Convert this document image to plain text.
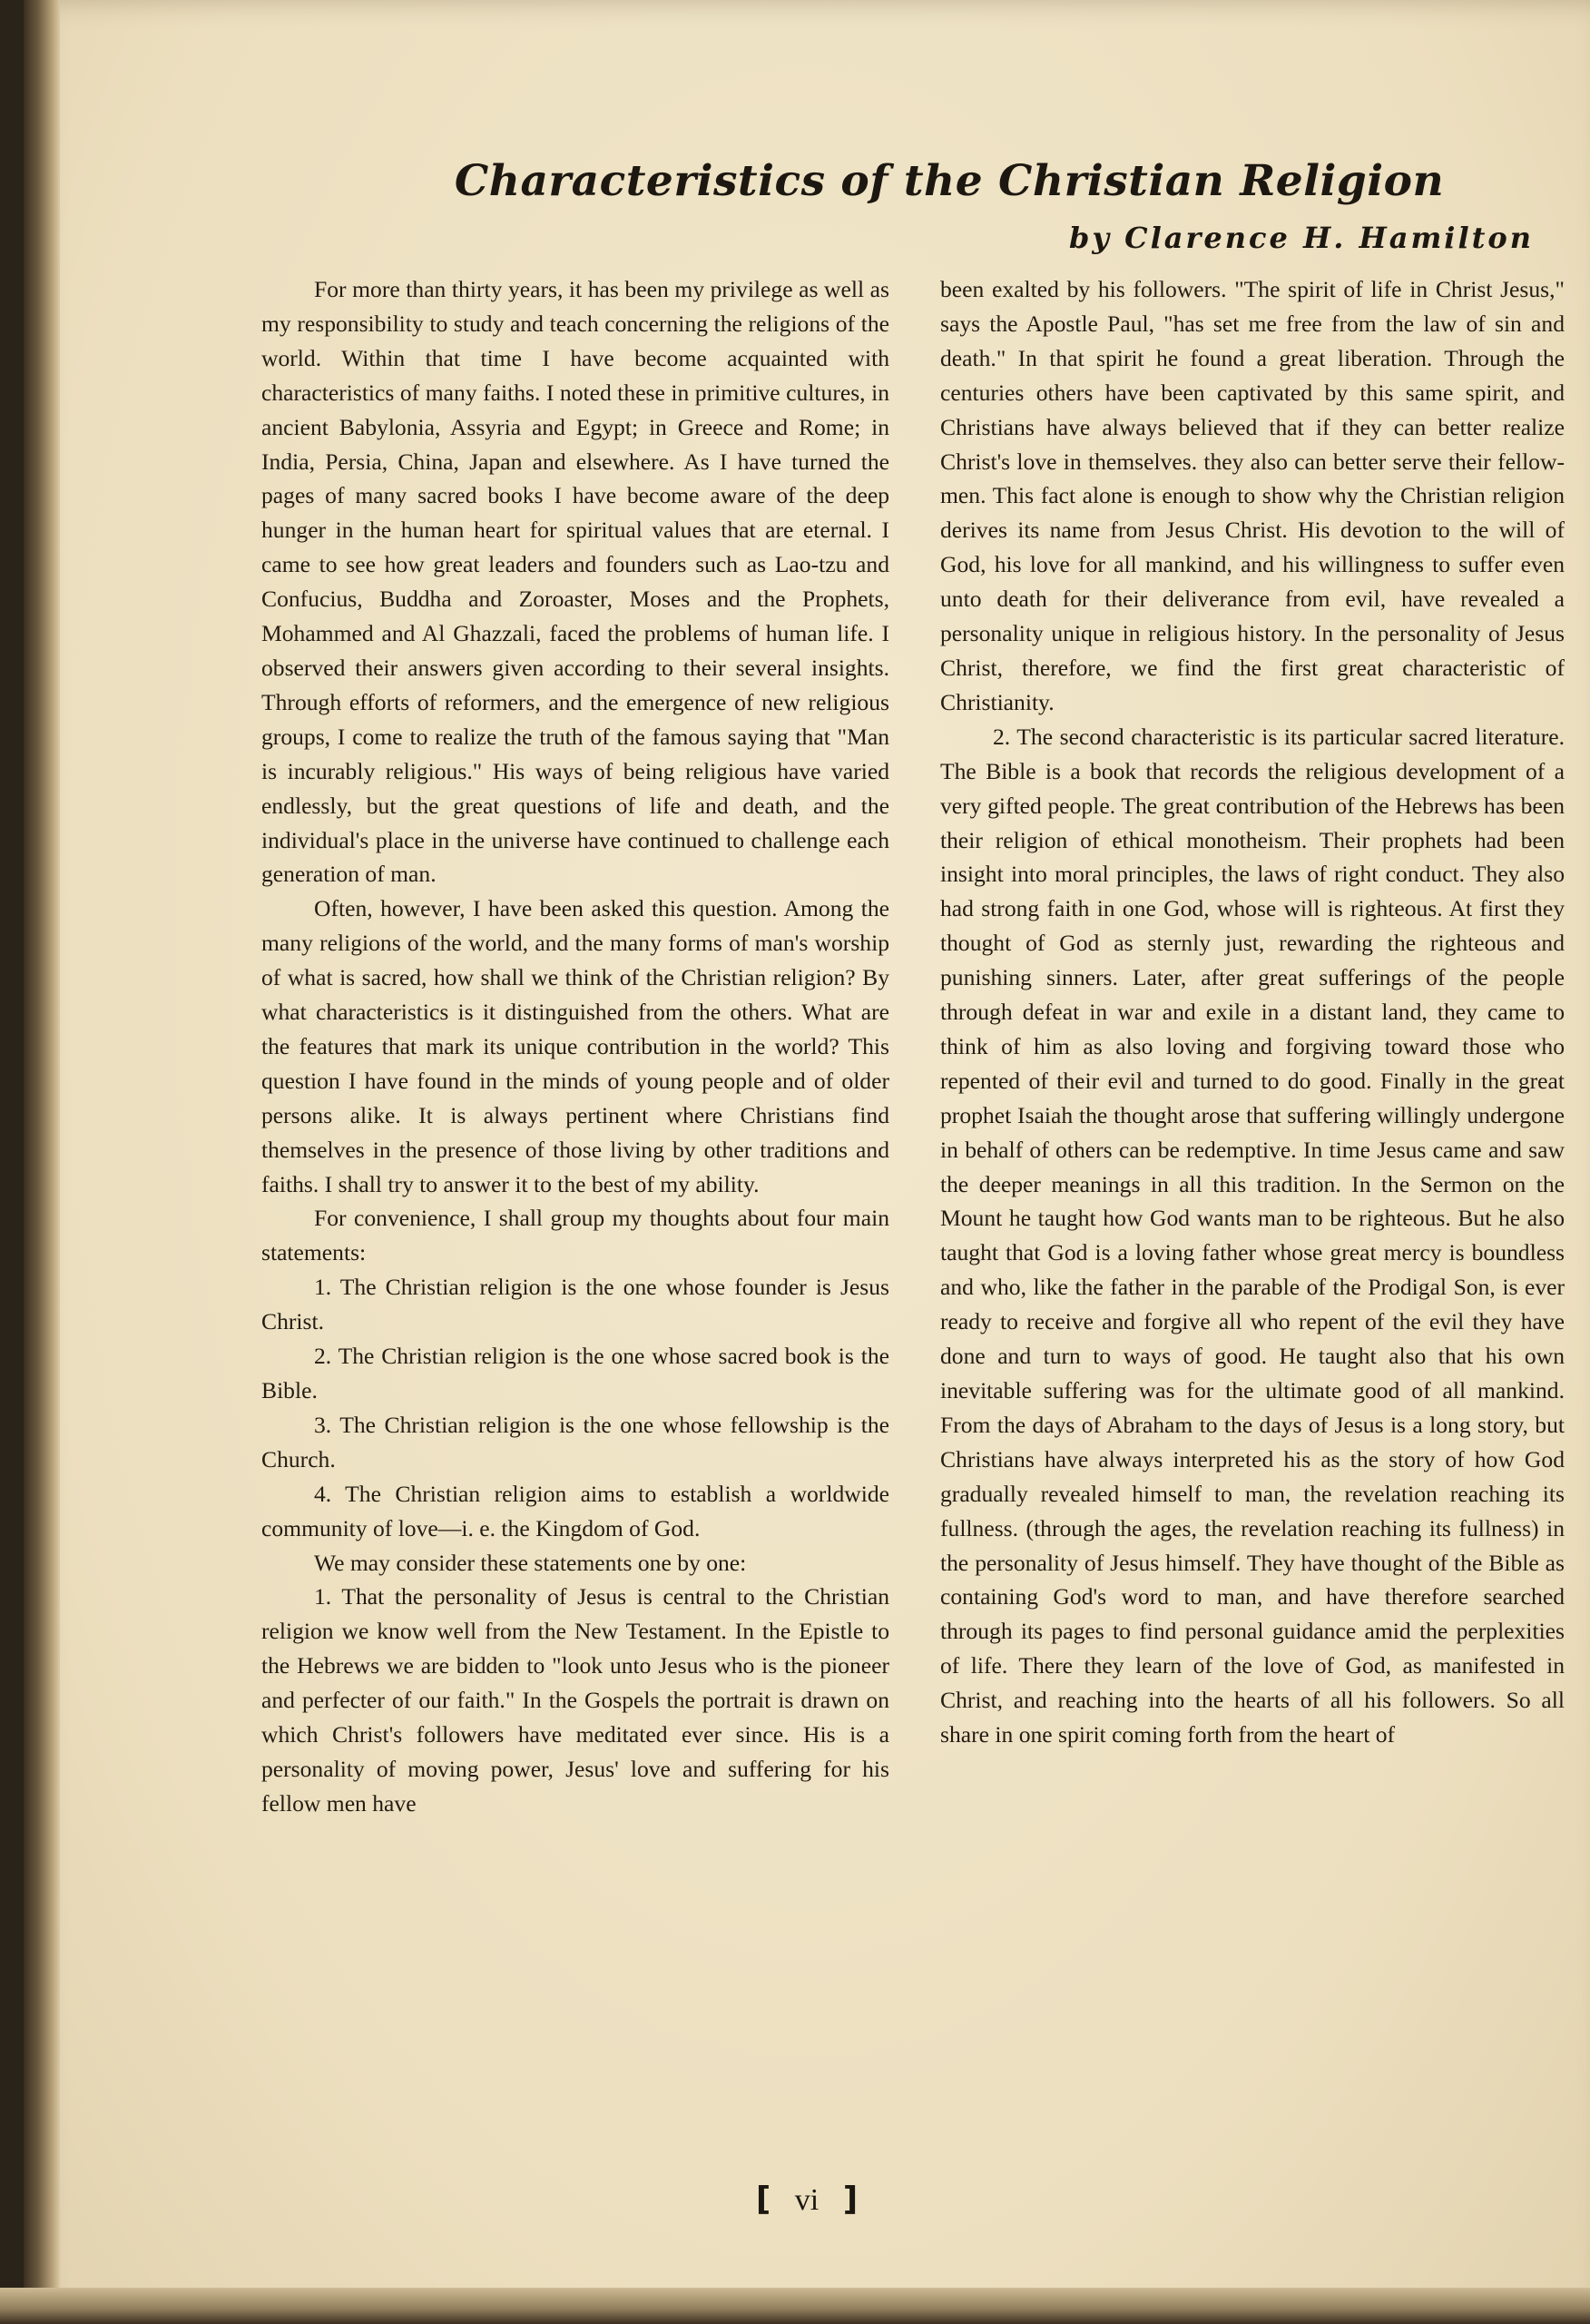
Characteristics of the Christian Religion
by Clarence H. Hamilton

For more than thirty years, it has been my privilege as well as my responsibility to study and teach concerning the religions of the world. Within that time I have become acquainted with characteristics of many faiths. I noted these in primitive cultures, in ancient Babylonia, Assyria and Egypt; in Greece and Rome; in India, Persia, China, Japan and elsewhere. As I have turned the pages of many sacred books I have become aware of the deep hunger in the human heart for spiritual values that are eternal. I came to see how great leaders and founders such as Lao-tzu and Confucius, Buddha and Zoroaster, Moses and the Prophets, Mohammed and Al Ghazzali, faced the problems of human life. I observed their answers given according to their several insights. Through efforts of reformers, and the emergence of new religious groups, I come to realize the truth of the famous saying that "Man is incurably religious." His ways of being religious have varied endlessly, but the great questions of life and death, and the individual's place in the universe have continued to challenge each generation of man.

Often, however, I have been asked this question. Among the many religions of the world, and the many forms of man's worship of what is sacred, how shall we think of the Christian religion? By what characteristics is it distinguished from the others. What are the features that mark its unique contribution in the world? This question I have found in the minds of young people and of older persons alike. It is always pertinent where Christians find themselves in the presence of those living by other traditions and faiths. I shall try to answer it to the best of my ability.

For convenience, I shall group my thoughts about four main statements:

1. The Christian religion is the one whose founder is Jesus Christ.

2. The Christian religion is the one whose sacred book is the Bible.

3. The Christian religion is the one whose fellowship is the Church.

4. The Christian religion aims to establish a worldwide community of love—i. e. the Kingdom of God.

We may consider these statements one by one:

1. That the personality of Jesus is central to the Christian religion we know well from the New Testament. In the Epistle to the Hebrews we are bidden to "look unto Jesus who is the pioneer and perfecter of our faith." In the Gospels the portrait is drawn on which Christ's followers have meditated ever since. His is a personality of moving power, Jesus' love and suffering for his fellow men have

been exalted by his followers. "The spirit of life in Christ Jesus," says the Apostle Paul, "has set me free from the law of sin and death." In that spirit he found a great liberation. Through the centuries others have been captivated by this same spirit, and Christians have always believed that if they can better realize Christ's love in themselves. they also can better serve their fellow-men. This fact alone is enough to show why the Christian religion derives its name from Jesus Christ. His devotion to the will of God, his love for all mankind, and his willingness to suffer even unto death for their deliverance from evil, have revealed a personality unique in religious history. In the personality of Jesus Christ, therefore, we find the first great characteristic of Christianity.

2. The second characteristic is its particular sacred literature. The Bible is a book that records the religious development of a very gifted people. The great contribution of the Hebrews has been their religion of ethical monotheism. Their prophets had been insight into moral principles, the laws of right conduct. They also had strong faith in one God, whose will is righteous. At first they thought of God as sternly just, rewarding the righteous and punishing sinners. Later, after great sufferings of the people through defeat in war and exile in a distant land, they came to think of him as also loving and forgiving toward those who repented of their evil and turned to do good. Finally in the great prophet Isaiah the thought arose that suffering willingly undergone in behalf of others can be redemptive. In time Jesus came and saw the deeper meanings in all this tradition. In the Sermon on the Mount he taught how God wants man to be righteous. But he also taught that God is a loving father whose great mercy is boundless and who, like the father in the parable of the Prodigal Son, is ever ready to receive and forgive all who repent of the evil they have done and turn to ways of good. He taught also that his own inevitable suffering was for the ultimate good of all mankind. From the days of Abraham to the days of Jesus is a long story, but Christians have always interpreted his as the story of how God gradually revealed himself to man, the revelation reaching its fullness. (through the ages, the revelation reaching its fullness) in the personality of Jesus himself. They have thought of the Bible as containing God's word to man, and have therefore searched through its pages to find personal guidance amid the perplexities of life. There they learn of the love of God, as manifested in Christ, and reaching into the hearts of all his followers. So all share in one spirit coming forth from the heart of

[ vi ]
